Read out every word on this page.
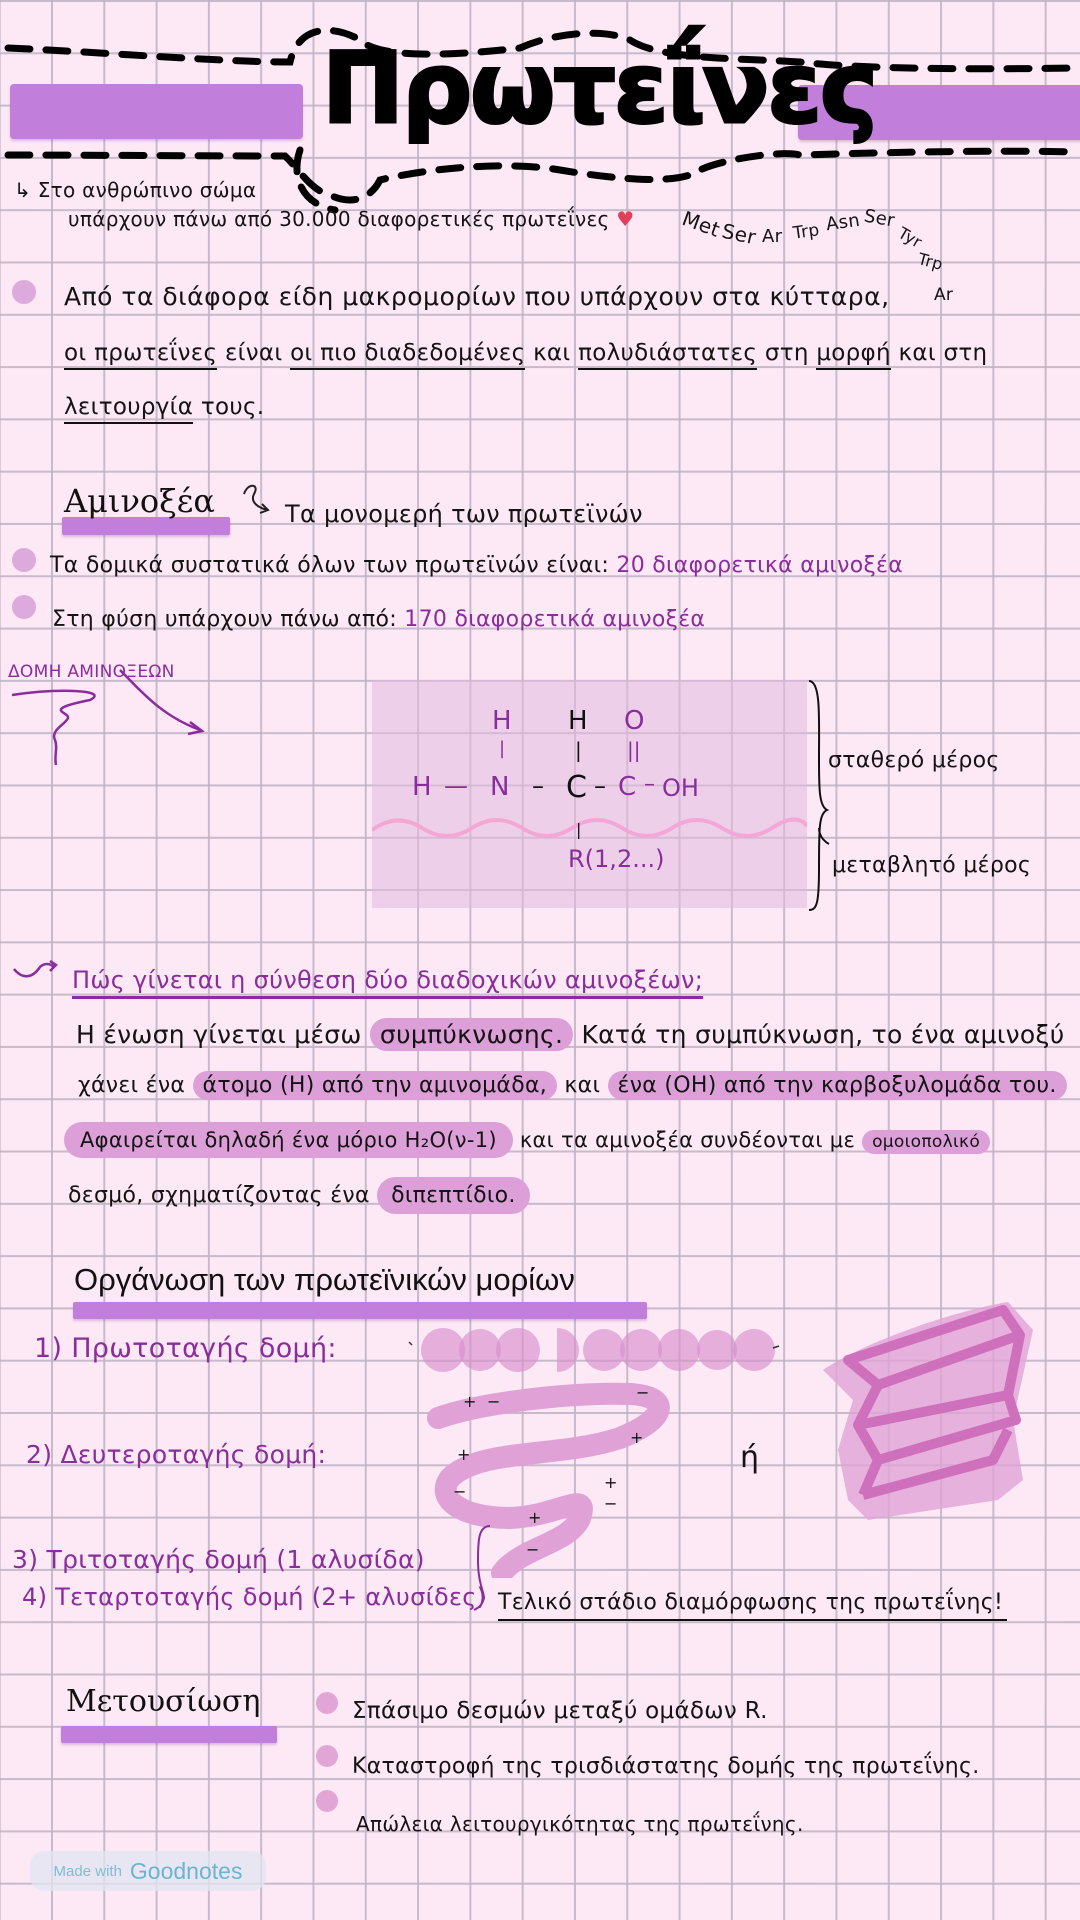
Πρωτεΐνες
↳ Στο ανθρώπινο σώμα
υπάρχουν πάνω από 30.000 διαφορετικές πρωτεΐνες ♥ Met
Ser Ar Trp Asn Ser
Tyr
Trp
Ar
Από τα διάφορα είδη μακρομορίων που υπάρχουν στα κύτταρα,
οι πρωτεΐνες είναι οι πιο διαδεδομένες και πολυδιάστατες στη μορφή και στη
λειτουργία τους.
Αμινοξέα	Τα μονομερή των πρωτεϊνών
Τα δομικά συστατικά όλων των πρωτεϊνών είναι: 20 διαφορετικά αμινοξέα
Στη φύση υπάρχουν πάνω από: 170 διαφορετικά αμινοξέα
ΔΟΜΗ ΑΜΙΝΟΞΕΩΝ
H H O
|	| ||
H — N – C – C – OH
|
R(1,2...)
σταθερό μέρος
μεταβλητό μέρος
Πώς γίνεται η σύνθεση δύο διαδοχικών αμινοξέων;
Η ένωση γίνεται μέσω συμπύκνωσης. Κατά τη συμπύκνωση, το ένα αμινοξύ
χάνει ένα άτομο (Η) από την αμινομάδα, και ένα (ΟΗ) από την καρβοξυλομάδα του.
Αφαιρείται δηλαδή ένα μόριο Η₂Ο(ν-1) και τα αμινοξέα συνδέονται με ομοιοπολικό
δεσμό, σχηματίζοντας ένα διπεπτίδιο.
Οργάνωση των πρωτεϊνικών μορίων
1) Πρωτοταγής δομή:
2) Δευτεροταγής δομή:
3) Τριτοταγής δομή (1 αλυσίδα)
4) Τεταρτοταγής δομή (2+ αλυσίδες)
+ −	−
+
+
−	+
−
+
−
ή
Τελικό στάδιο διαμόρφωσης της πρωτεΐνης!
Μετουσίωση	Σπάσιμο δεσμών μεταξύ ομάδων R.
Καταστροφή της τρισδιάστατης δομής της πρωτεΐνης.
Απώλεια λειτουργικότητας της πρωτεΐνης.
Made with Goodnotes
